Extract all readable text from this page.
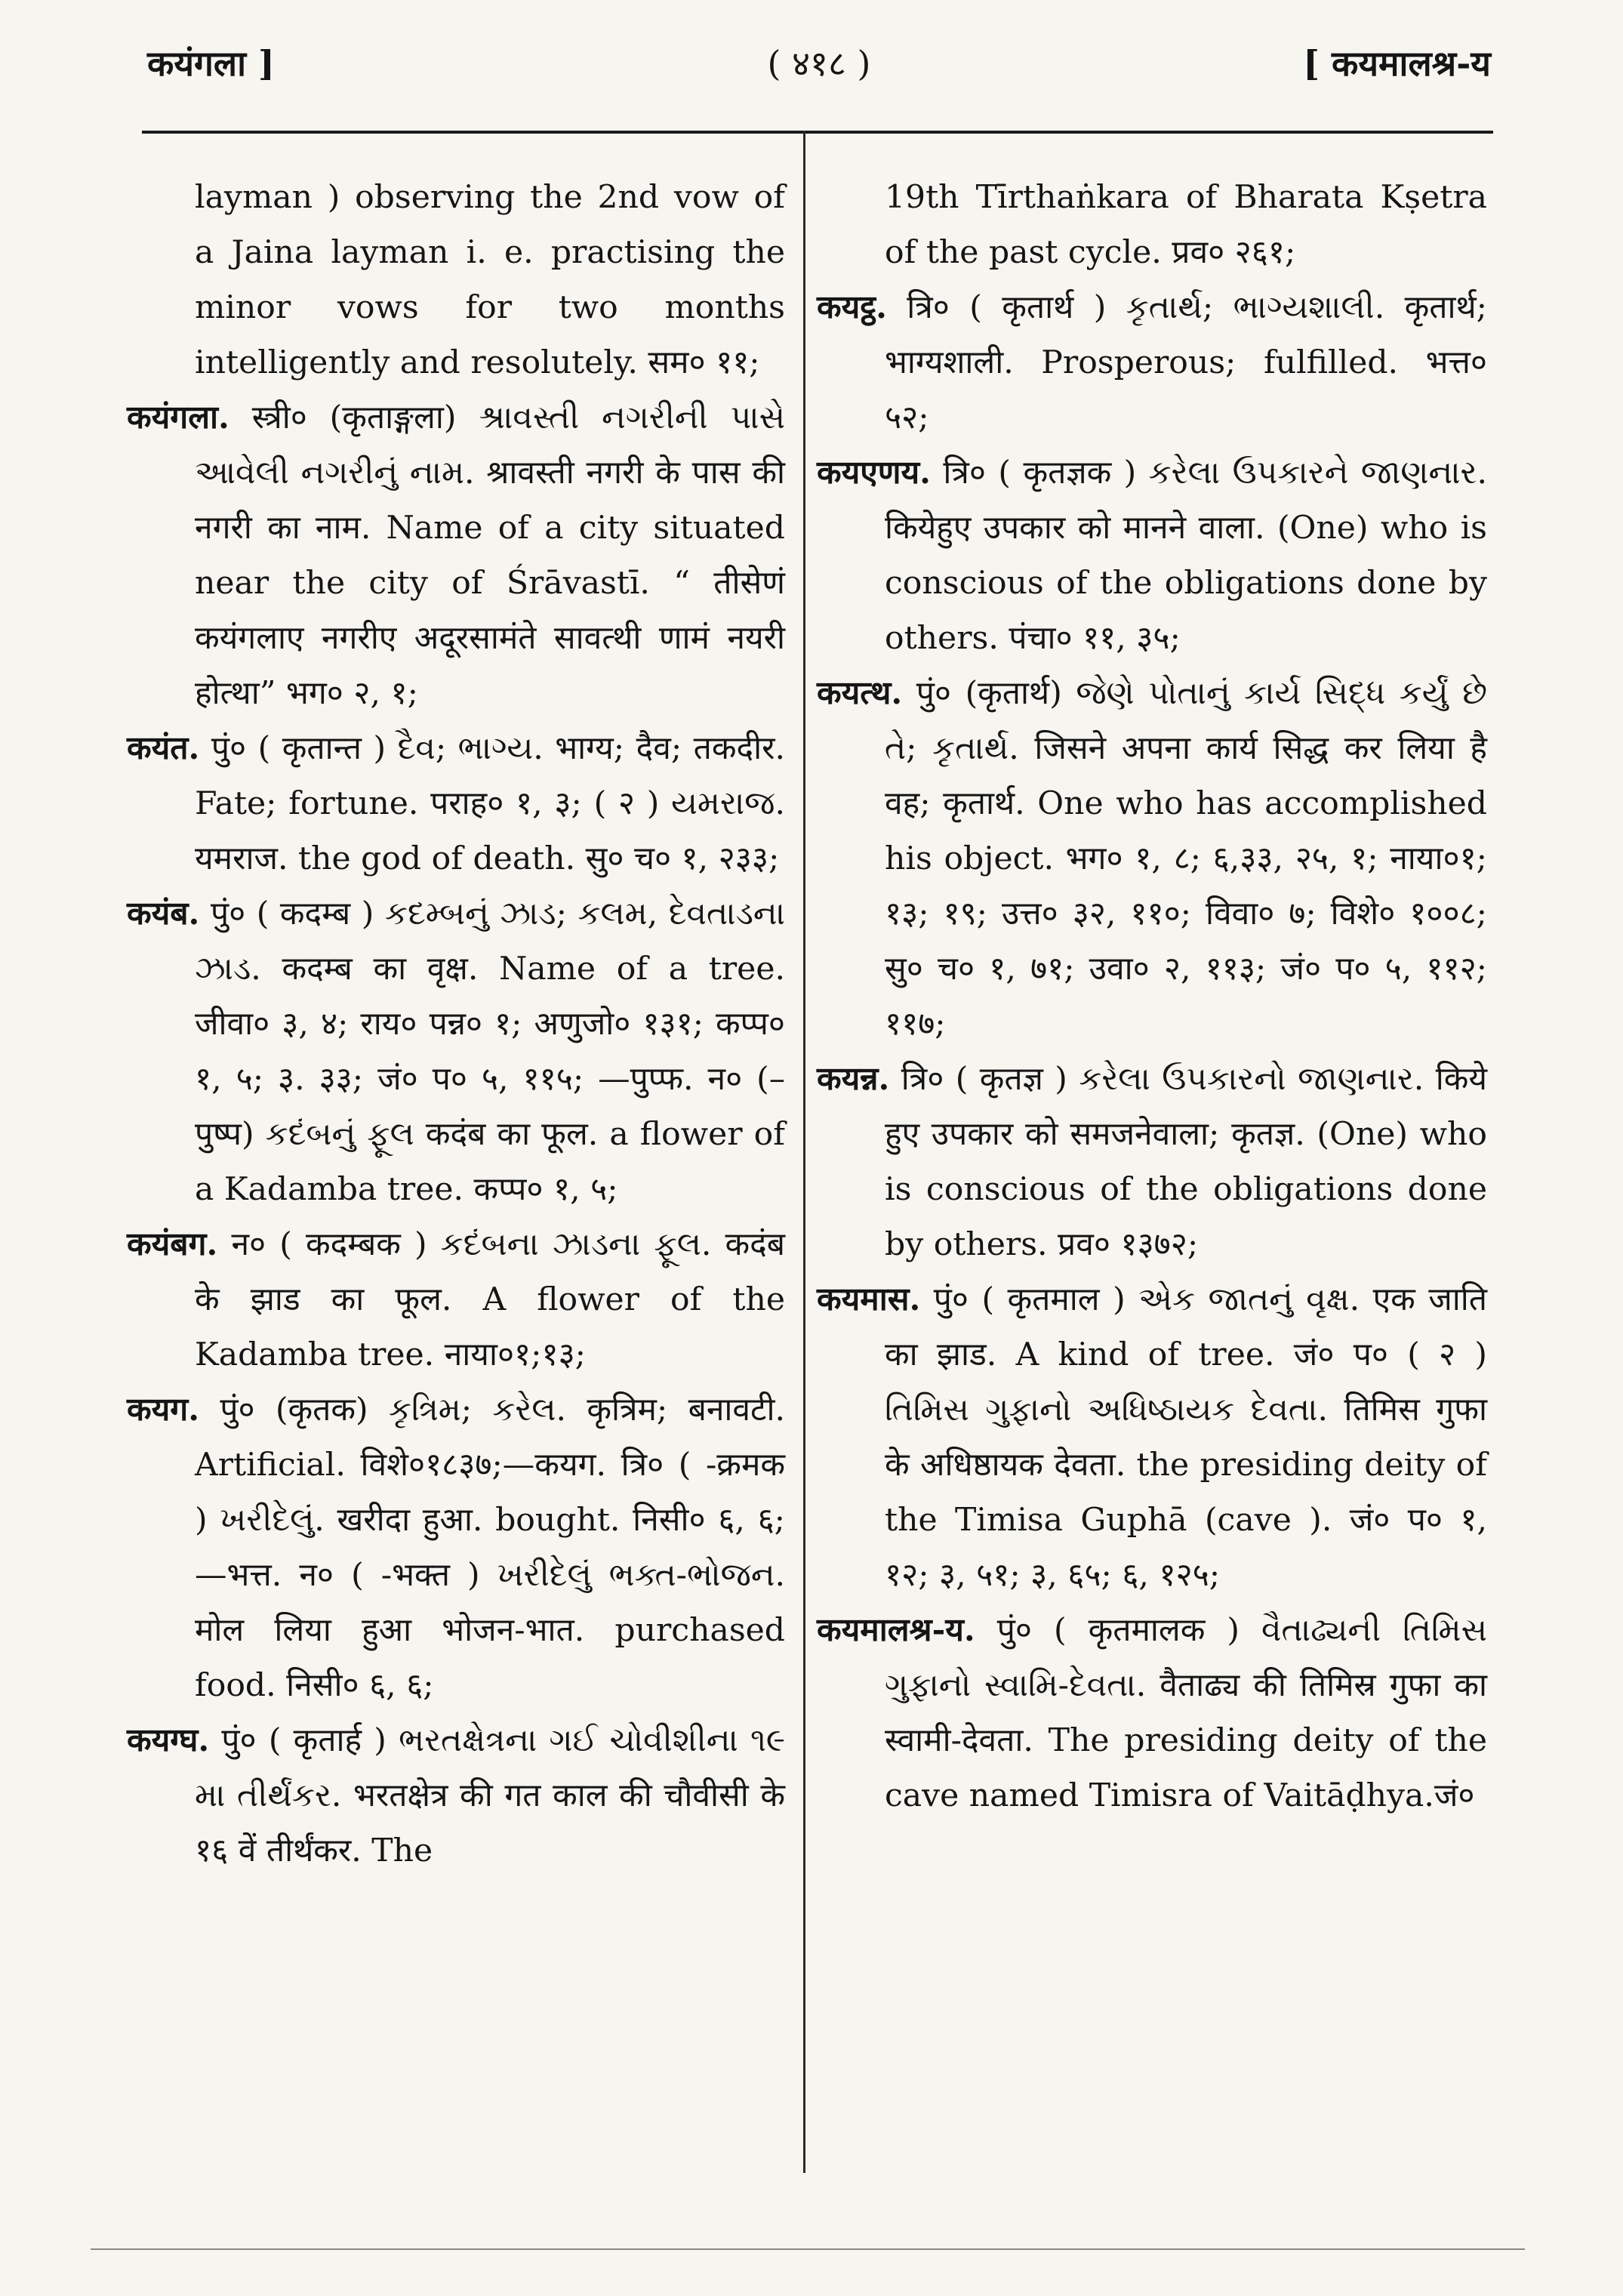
कयंगला ]	( ४१८ )	[ कयमालश्र-य

layman ) observing the 2nd vow of a Jaina layman i. e. practising the minor vows for two months intelligently and resolutely. सम० ११;

कयंगला. स्त्री० (कृताङ्गला) શ્રાવસ્તી નગરીની પાસે આવેલી નગરીનું નામ. श्रावस्ती नगरी के पास की नगरी का नाम. Name of a city situated near the city of Śrāvastī. “ तीसेणं कयंगलाए नगरीए अदूरसामंते सावत्थी णामं नयरी होत्था” भग० २, १;

कयंत. पुं० ( कृतान्त ) દૈવ; ભાગ્ય. भाग्य; दैव; तकदीर. Fate; fortune. पराह० १, ३; ( २ ) યમરાજ. यमराज. the god of death. सु० च० १, २३३;

कयंब. पुं० ( कदम्ब ) કદમ્બનું ઝાડ; કલમ, દેવતાડના ઝાડ. कदम्ब का वृक्ष. Name of a tree. जीवा० ३, ४; राय० पन्न० १; अणुजो० १३१; कप्प० १, ५; ३. ३३; जं० प० ५, ११५; —पुप्फ. न० (–पुष्प) કદંબનું ફૂલ कदंब का फूल. a flower of a Kadamba tree. कप्प० १, ५;

कयंबग. न० ( कदम्बक ) કદંબના ઝાડના ફૂલ. कदंब के झाड का फूल. A flower of the Kadamba tree. नाया०१;१३;

कयग. पुं० (कृतक) કૃત્રિમ; કરેલ. कृत्रिम; बनावटी. Artificial. विशे०१८३७;—कयग. त्रि० ( -क्रमक ) ખરીદેલું. खरीदा हुआ. bought. निसी० ६, ६; —भत्त. न० ( -भक्त ) ખરીદેલું ભક્ત-ભોજન. मोल लिया हुआ भोजन-भात. purchased food. निसी० ६, ६;

कयग्घ. पुं० ( कृतार्ह ) ભરતક્ષેત્રના ગઈ ચોવીશીના ૧૯ મા તીર્થંકર. भरतक्षेत्र की गत काल की चौवीसी के १६ वें तीर्थंकर. The

19th Tīrthaṅkara of Bharata Kṣetra of the past cycle. प्रव० २६१;

कयट्ठ. त्रि० ( कृतार्थ ) કૃતાર્થ; ભાગ્યશાલી. कृतार्थ; भाग्यशाली. Prosperous; fulfilled. भत्त० ५२;

कयएणय. त्रि० ( कृतज्ञक ) કરેલા ઉપકારને જાણનાર. कियेहुए उपकार को मानने वाला. (One) who is conscious of the obligations done by others. पंचा० ११, ३५;

कयत्थ. पुं० (कृतार्थ) જેણે પોતાનું કાર્ય સિદ્ધ કર્યું છે તે; કૃતાર્થ. जिसने अपना कार्य सिद्ध कर लिया है वह; कृतार्थ. One who has accomplished his object. भग० १, ८; ६,३३, २५, १; नाया०१; १३; १९; उत्त० ३२, ११०; विवा० ७; विशे० १००८; सु० च० १, ७१; उवा० २, ११३; जं० प० ५, ११२; ११७;

कयन्न. त्रि० ( कृतज्ञ ) કરેલા ઉપકારનો જાણનાર. किये हुए उपकार को समजनेवाला; कृतज्ञ. (One) who is conscious of the obligations done by others. प्रव० १३७२;

कयमास. पुं० ( कृतमाल ) એક જાતનું વૃક્ષ. एक जाति का झाड. A kind of tree. जं० प० ( २ ) તિમિસ ગુફાનો અધિષ્ઠાયક દેવતા. तिमिस गुफा के अधिष्ठायक देवता. the presiding deity of the Timisa Guphā (cave ). जं० प० १, १२; ३, ५१; ३, ६५; ६, १२५;

कयमालश्र-य. पुं० ( कृतमालक ) વૈતાઢ્યની તિમિસ ગુફાનો સ્વામિ-દેવતા. वैताढ्य की तिमिस्र गुफा का स्वामी-देवता. The presiding deity of the cave named Timisra of Vaitāḍhya.जं०
